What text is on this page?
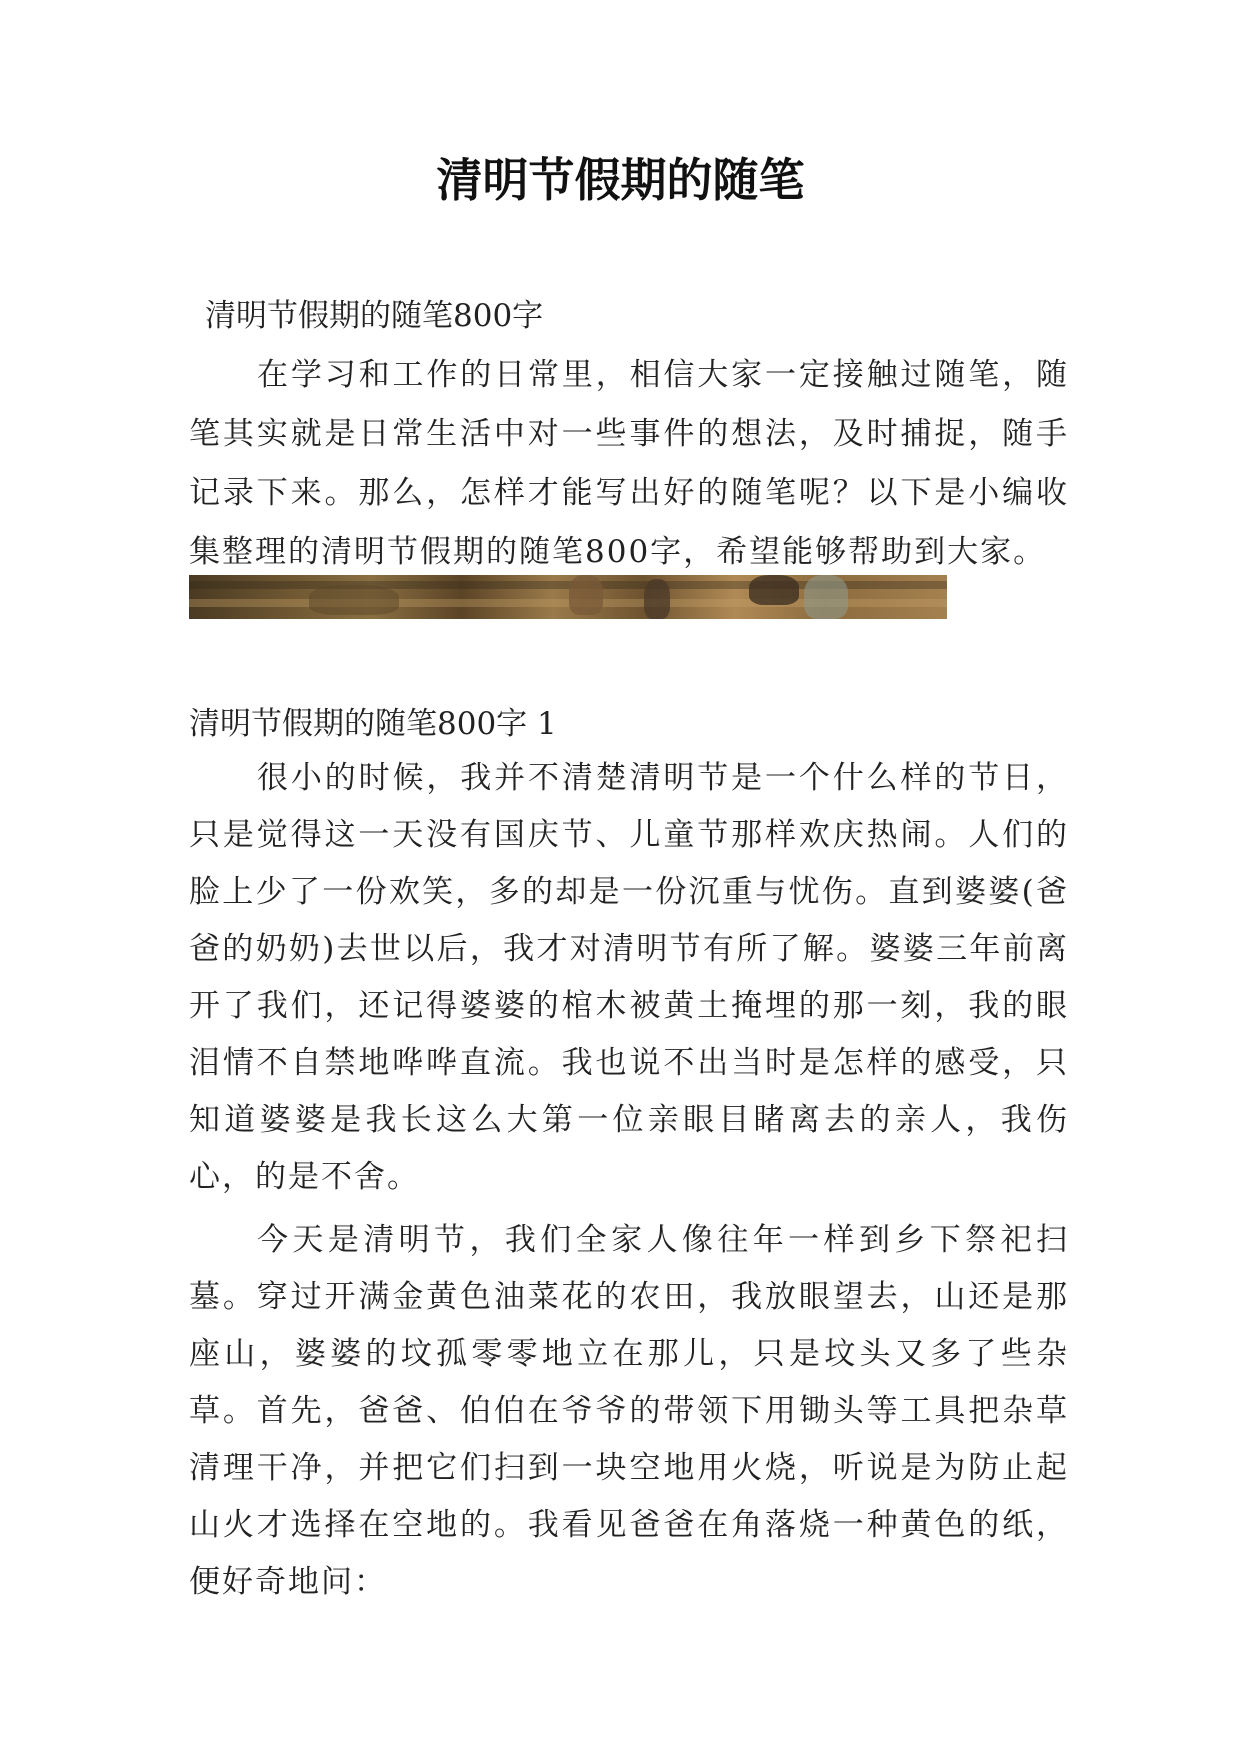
清明节假期的随笔
清明节假期的随笔800字

在学习和工作的日常里，相信大家一定接触过随笔，随笔其实就是日常生活中对一些事件的想法，及时捕捉，随手记录下来。那么，怎样才能写出好的随笔呢？以下是小编收集整理的清明节假期的随笔800字，希望能够帮助到大家。

清明节假期的随笔800字 1

很小的时候，我并不清楚清明节是一个什么样的节日，只是觉得这一天没有国庆节、儿童节那样欢庆热闹。人们的脸上少了一份欢笑，多的却是一份沉重与忧伤。直到婆婆(爸爸的奶奶)去世以后，我才对清明节有所了解。婆婆三年前离开了我们，还记得婆婆的棺木被黄土掩埋的那一刻，我的眼泪情不自禁地哗哗直流。我也说不出当时是怎样的感受，只知道婆婆是我长这么大第一位亲眼目睹离去的亲人，我伤心，的是不舍。

今天是清明节，我们全家人像往年一样到乡下祭祀扫墓。穿过开满金黄色油菜花的农田，我放眼望去，山还是那座山，婆婆的坟孤零零地立在那儿，只是坟头又多了些杂草。首先，爸爸、伯伯在爷爷的带领下用锄头等工具把杂草清理干净，并把它们扫到一块空地用火烧，听说是为防止起山火才选择在空地的。我看见爸爸在角落烧一种黄色的纸，便好奇地问：
